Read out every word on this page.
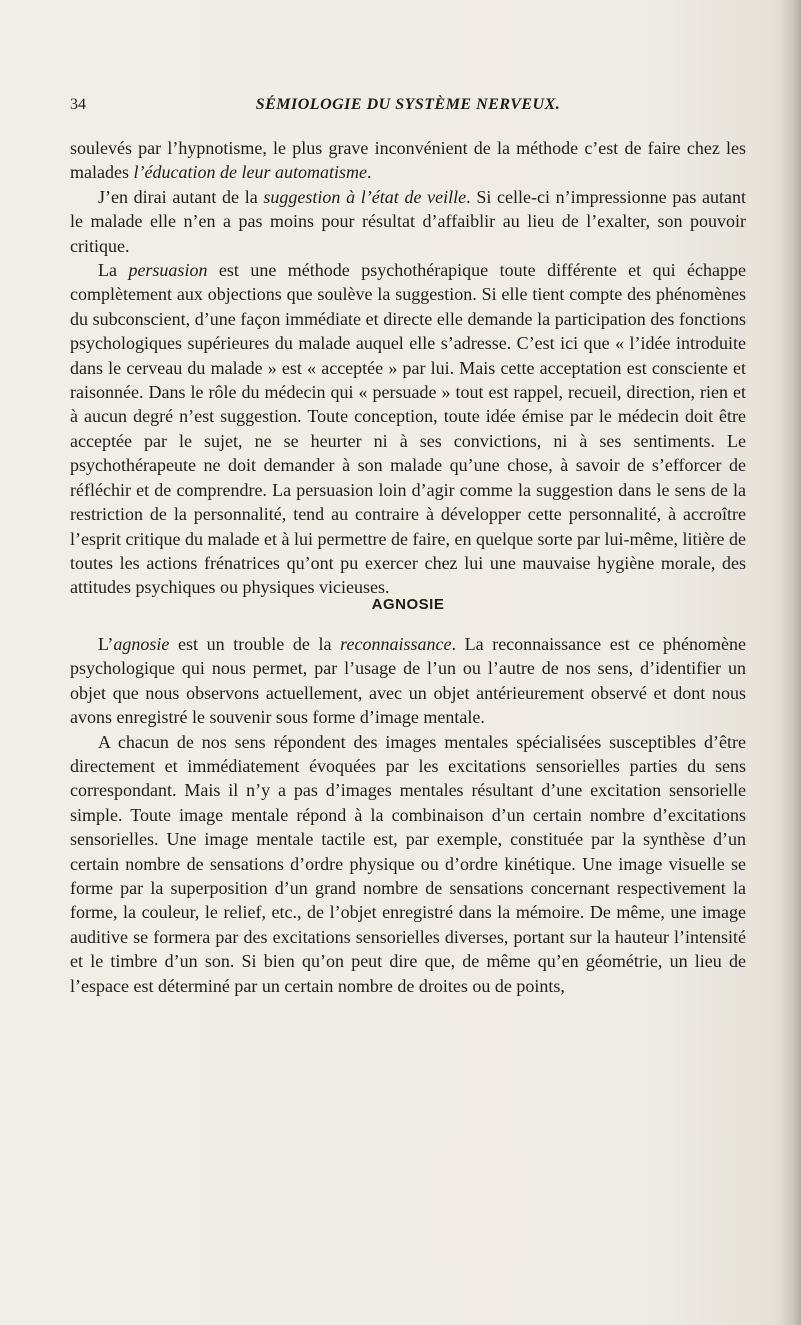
34	SÉMIOLOGIE DU SYSTÈME NERVEUX.

soulevés par l’hypnotisme, le plus grave inconvénient de la méthode c’est de faire chez les malades l’éducation de leur automatisme.

J’en dirai autant de la suggestion à l’état de veille. Si celle-ci n’impressionne pas autant le malade elle n’en a pas moins pour résultat d’affaiblir au lieu de l’exalter, son pouvoir critique.

La persuasion est une méthode psychothérapique toute différente et qui échappe complètement aux objections que soulève la suggestion. Si elle tient compte des phénomènes du subconscient, d’une façon immédiate et directe elle demande la participation des fonctions psychologiques supérieures du malade auquel elle s’adresse. C’est ici que « l’idée introduite dans le cerveau du malade » est « acceptée » par lui. Mais cette acceptation est consciente et raisonnée. Dans le rôle du médecin qui « persuade » tout est rappel, recueil, direction, rien et à aucun degré n’est suggestion. Toute conception, toute idée émise par le médecin doit être acceptée par le sujet, ne se heurter ni à ses convictions, ni à ses sentiments. Le psychothérapeute ne doit demander à son malade qu’une chose, à savoir de s’efforcer de réfléchir et de comprendre. La persuasion loin d’agir comme la suggestion dans le sens de la restriction de la personnalité, tend au contraire à développer cette personnalité, à accroître l’esprit critique du malade et à lui permettre de faire, en quelque sorte par lui-même, litière de toutes les actions frénatrices qu’ont pu exercer chez lui une mauvaise hygiène morale, des attitudes psychiques ou physiques vicieuses.

AGNOSIE

L’agnosie est un trouble de la reconnaissance. La reconnaissance est ce phénomène psychologique qui nous permet, par l’usage de l’un ou l’autre de nos sens, d’identifier un objet que nous observons actuellement, avec un objet antérieurement observé et dont nous avons enregistré le souvenir sous forme d’image mentale.

A chacun de nos sens répondent des images mentales spécialisées susceptibles d’être directement et immédiatement évoquées par les excitations sensorielles parties du sens correspondant. Mais il n’y a pas d’images mentales résultant d’une excitation sensorielle simple. Toute image mentale répond à la combinaison d’un certain nombre d’excitations sensorielles. Une image mentale tactile est, par exemple, constituée par la synthèse d’un certain nombre de sensations d’ordre physique ou d’ordre kinétique. Une image visuelle se forme par la superposition d’un grand nombre de sensations concernant respectivement la forme, la couleur, le relief, etc., de l’objet enregistré dans la mémoire. De même, une image auditive se formera par des excitations sensorielles diverses, portant sur la hauteur l’intensité et le timbre d’un son. Si bien qu’on peut dire que, de même qu’en géométrie, un lieu de l’espace est déterminé par un certain nombre de droites ou de points,
